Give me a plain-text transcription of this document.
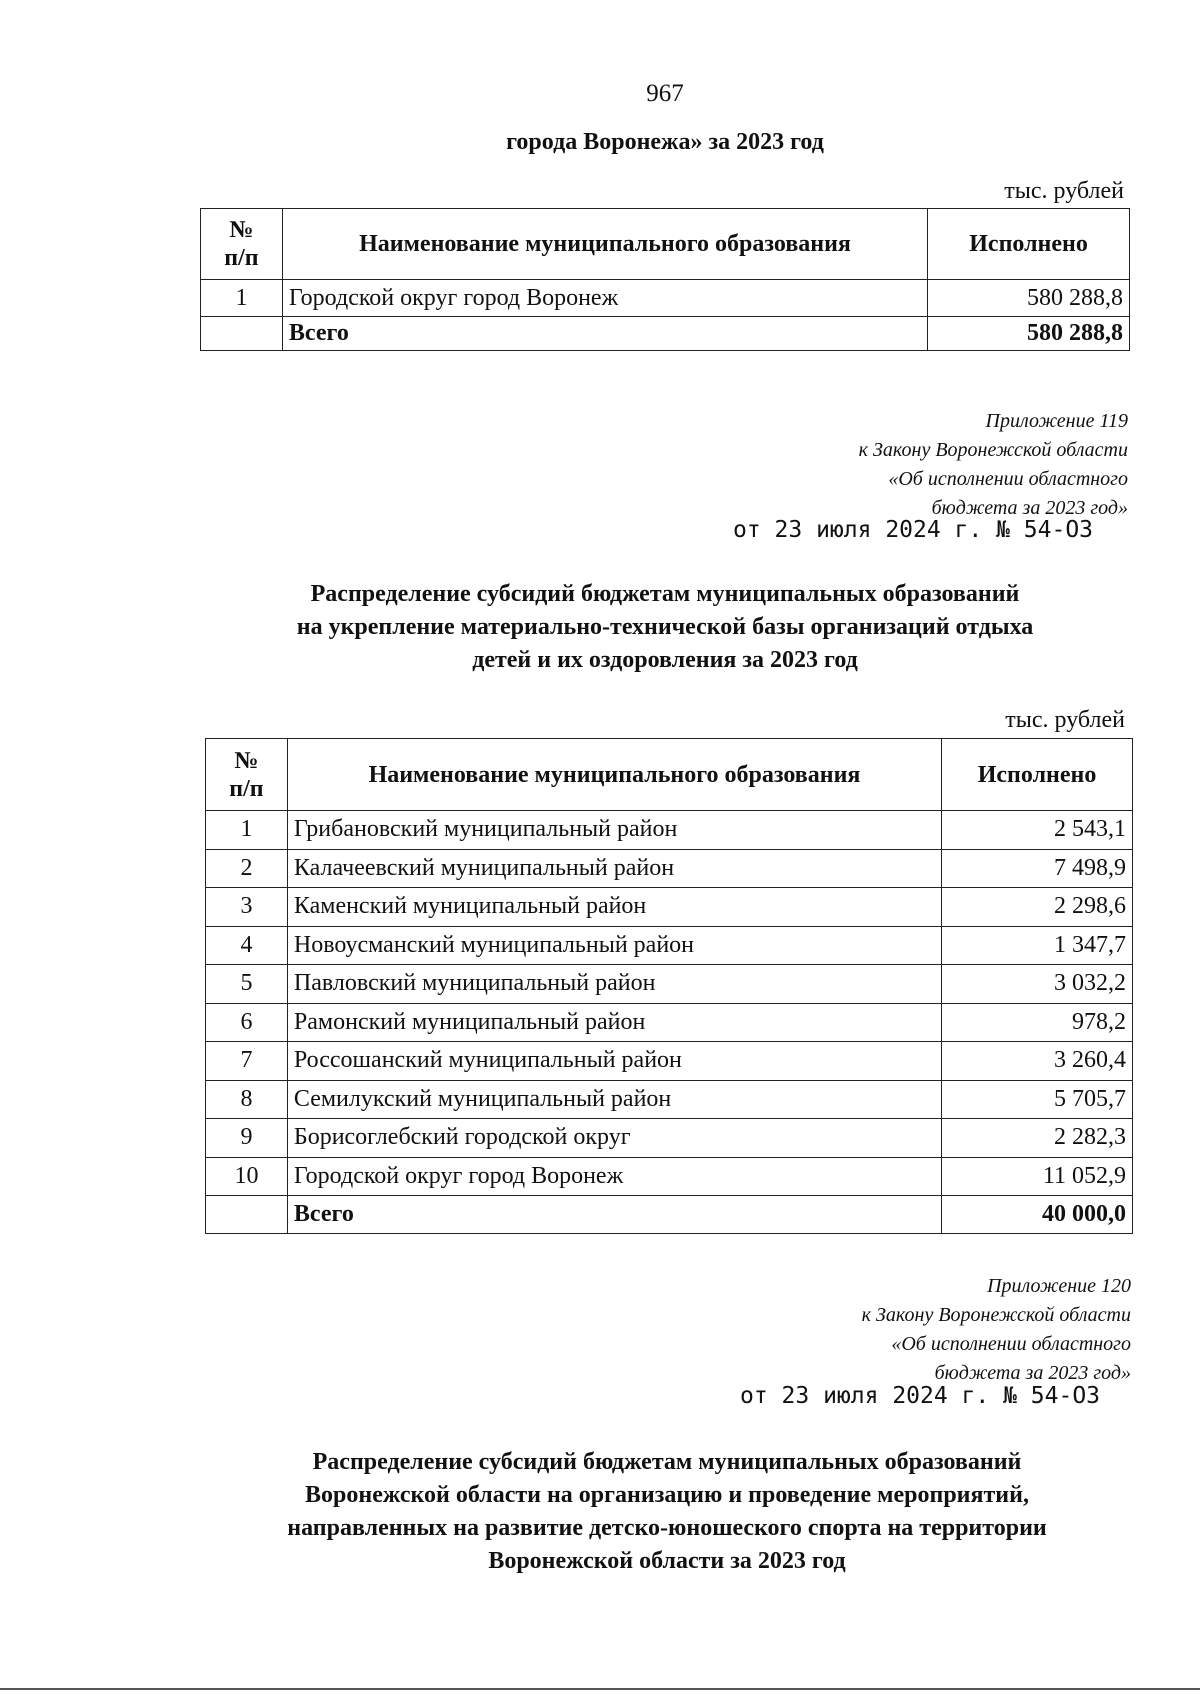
967
города Воронежа» за 2023 год
тыс. рублей
№
п/п	Наименование муниципального образования	Исполнено
1	Городской округ город Воронеж	580 288,8
	Всего	580 288,8
Приложение 119
к Закону Воронежской области
«Об исполнении областного
бюджета за 2023 год»
от 23 июля 2024 г. № 54-ОЗ
Распределение субсидий бюджетам муниципальных образований
на укрепление материально-технической базы организаций отдыха
детей и их оздоровления за 2023 год
тыс. рублей
№
п/п	Наименование муниципального образования	Исполнено
1	Грибановский муниципальный район	2 543,1
2	Калачеевский муниципальный район	7 498,9
3	Каменский муниципальный район	2 298,6
4	Новоусманский муниципальный район	1 347,7
5	Павловский муниципальный район	3 032,2
6	Рамонский муниципальный район	978,2
7	Россошанский муниципальный район	3 260,4
8	Семилукский муниципальный район	5 705,7
9	Борисоглебский городской округ	2 282,3
10	Городской округ город Воронеж	11 052,9
	Всего	40 000,0
Приложение 120
к Закону Воронежской области
«Об исполнении областного
бюджета за 2023 год»
от 23 июля 2024 г. № 54-ОЗ
Распределение субсидий бюджетам муниципальных образований
Воронежской области на организацию и проведение мероприятий,
направленных на развитие детско-юношеского спорта на территории
Воронежской области за 2023 год
